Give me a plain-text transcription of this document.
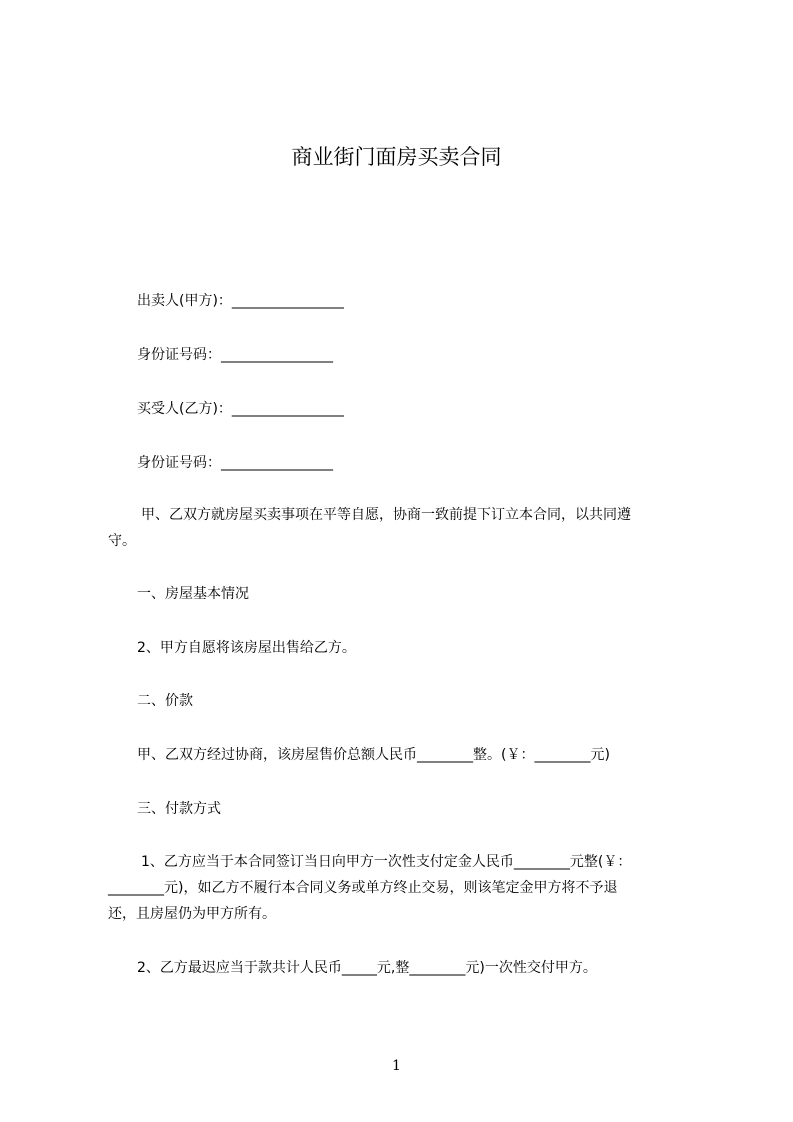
商业街门面房买卖合同
出卖人(甲方)：________________
身份证号码：________________
买受人(乙方)：________________
身份证号码：________________
甲、乙双方就房屋买卖事项在平等自愿，协商一致前提下订立本合同，以共同遵
守。
一、房屋基本情况
2、甲方自愿将该房屋出售给乙方。
二、价款
甲、乙双方经过协商，该房屋售价总额人民币________整。(￥：________元)
三、付款方式
1、乙方应当于本合同签订当日向甲方一次性支付定金人民币________元整(￥：
________元)，如乙方不履行本合同义务或单方终止交易，则该笔定金甲方将不予退
还，且房屋仍为甲方所有。
2、乙方最迟应当于款共计人民币_____元,整________元)一次性交付甲方。
1
